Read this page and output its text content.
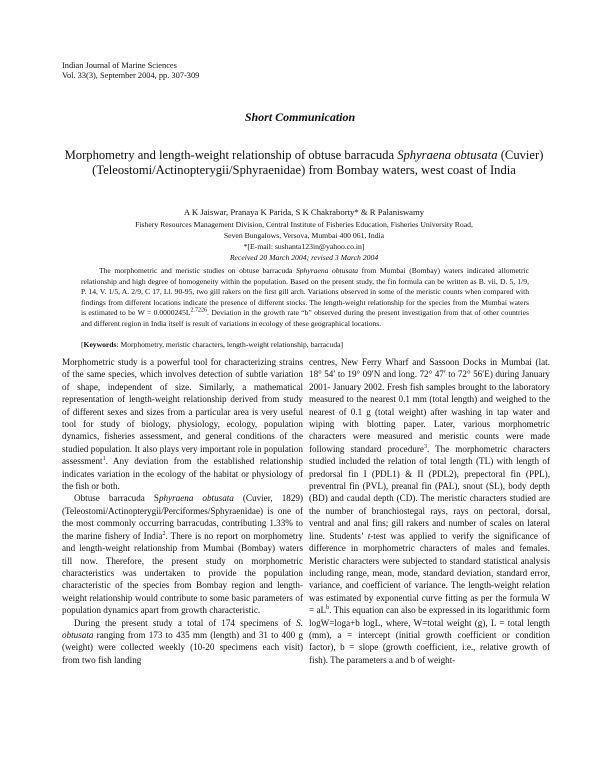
Indian Journal of Marine Sciences
Vol. 33(3), September 2004, pp. 307-309
Short Communication
Morphometry and length-weight relationship of obtuse barracuda Sphyraena obtusata (Cuvier) (Teleostomi/Actinopterygii/Sphyraenidae) from Bombay waters, west coast of India
A K Jaiswar, Pranaya K Parida, S K Chakraborty* & R Palaniswamy
Fishery Resources Management Division, Central Institute of Fisheries Education, Fisheries University Road,
Seven Bungalows, Versova, Mumbai 400 061, India
*[E-mail: sushanta123in@yahoo.co.in]
Received 20 March 2004; revised 3 March 2004
The morphometric and meristic studies on obtuse barracuda Sphyraena obtusata from Mumbai (Bombay) waters indicated allometric relationship and high degree of homogeneity within the population. Based on the present study, the fin formula can be written as B. vii, D. 5, 1/9, P. 14, V. 1/5, A. 2/9, C 17, Ll. 90-95, two gill rakers on the first gill arch. Variations observed in some of the meristic counts when compared with findings from different locations indicate the presence of different stocks. The length-weight relationship for the species from the Mumbai waters is estimated to be $W = 0.0000245L^{2.7226}$. Deviation in the growth rate “b” observed during the present investigation from that of other countries and different region in India itself is result of variations in ecology of these geographical locations.
[Keywords: Morphometry, meristic characters, length-weight relationship, barracuda]

Morphometric study is a powerful tool for characterizing strains of the same species, which involves detection of subtle variation of shape, independent of size. Similarly, a mathematical representation of length-weight relationship derived from study of different sexes and sizes from a particular area is very useful tool for study of biology, physiology, ecology, population dynamics, fisheries assessment, and general conditions of the studied population. It also plays very important role in population assessment$^1$. Any deviation from the established relationship indicates variation in the ecology of the habitat or physiology of the fish or both.

Obtuse barracuda Sphyraena obtusata (Cuvier, 1829) (Teleostomi/Actinopterygii/Perciformes/Sphyraenidae) is one of the most commonly occurring barracudas, contributing 1.33% to the marine fishery of India$^2$. There is no report on morphometry and length-weight relationship from Mumbai (Bombay) waters till now. Therefore, the present study on morphometric characteristics was undertaken to provide the population characteristic of the species from Bombay region and length-weight relationship would contribute to some basic parameters of population dynamics apart from growth characteristic.

During the present study a total of 174 specimens of S. obtusata ranging from 173 to 435 mm (length) and 31 to 400 g (weight) were collected weekly (10-20 specimens each visit) from two fish landing

centres, New Ferry Wharf and Sassoon Docks in Mumbai (lat. 18° 54′ to 19° 09′N and long. 72° 47′ to 72° 56′E) during January 2001- January 2002. Fresh fish samples brought to the laboratory measured to the nearest 0.1 mm (total length) and weighed to the nearest of 0.1 g (total weight) after washing in tap water and wiping with blotting paper. Later, various morphometric characters were measured and meristic counts were made following standard procedure$^3$. The morphometric characters studied included the relation of total length (TL) with length of predorsal fin I (PDL1) & II (PDL2), prepectoral fin (PPL), preventral fin (PVL), preanal fin (PAL), snout (SL), body depth (BD) and caudal depth (CD). The meristic characters studied are the number of branchiostegal rays, rays on pectoral, dorsal, ventral and anal fins; gill rakers and number of scales on lateral line. Students’ t-test was applied to verify the significance of difference in morphometric characters of males and females. Meristic characters were subjected to standard statistical analysis including range, mean, mode, standard deviation, standard error, variance, and coefficient of variance. The length-weight relation was estimated by exponential curve fitting as per the formula $W = aL^b$. This equation can also be expressed in its logarithmic form logW=loga+b logL, where, W=total weight (g), L = total length (mm), a = intercept (initial growth coefficient or condition factor), b = slope (growth coefficient, i.e., relative growth of fish). The parameters a and b of weight-
